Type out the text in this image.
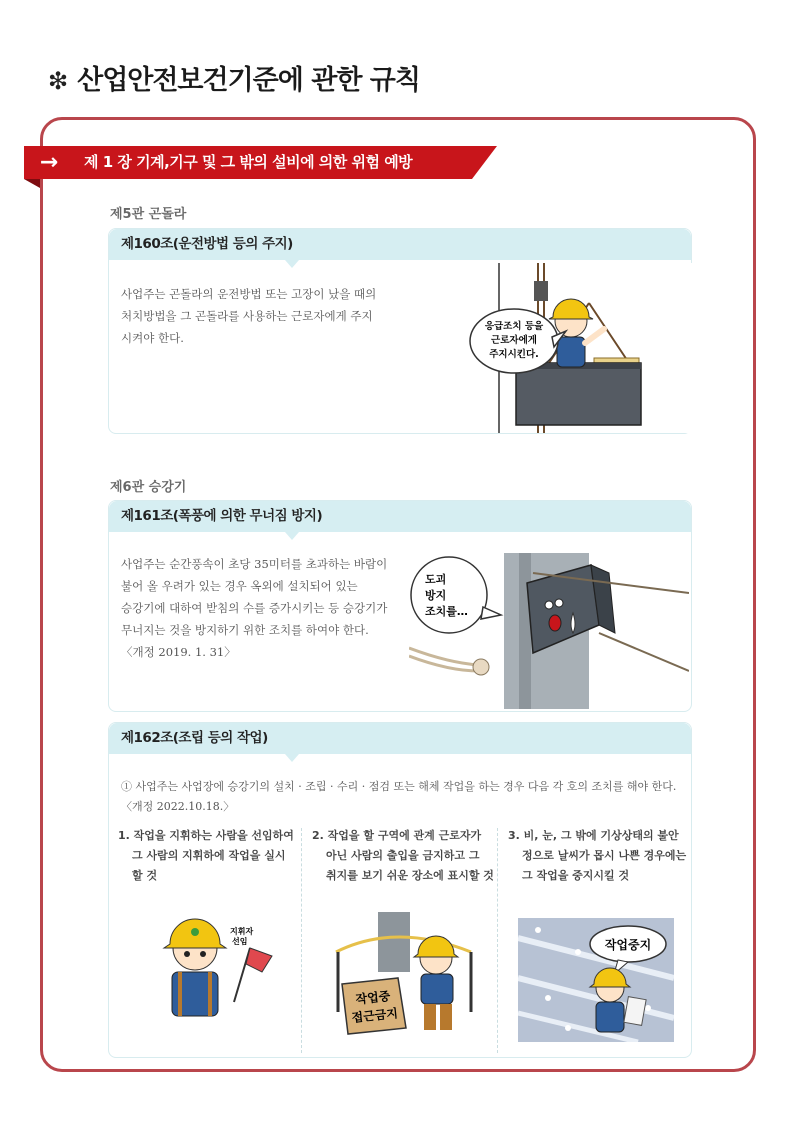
❇ 산업안전보건기준에 관한 규칙
→	제 1 장 기계,기구 및 그 밖의 설비에 의한 위험 예방
제5관 곤돌라
제160조(운전방법 등의 주지)
사업주는 곤돌라의 운전방법 또는 고장이 났을 때의
처치방법을 그 곤돌라를 사용하는 근로자에게 주지
시켜야 한다.
응급조치 등을
근로자에게
주지시킨다.
제6관 승강기
제161조(폭풍에 의한 무너짐 방지)
사업주는 순간풍속이 초당 35미터를 초과하는 바람이
불어 올 우려가 있는 경우 옥외에 설치되어 있는
승강기에 대하여 받침의 수를 증가시키는 등 승강기가
무너지는 것을 방지하기 위한 조치를 하여야 한다.
〈개정 2019. 1. 31〉
도괴
방지
조치를…
제162조(조립 등의 작업)
① 사업주는 사업장에 승강기의 설치 · 조립 · 수리 · 점검 또는 해체 작업을 하는 경우 다음 각 호의 조치를 해야 한다.
〈개정 2022.10.18.〉
1. 작업을 지휘하는 사람을 선임하여
그 사람의 지휘하에 작업을 실시
할 것
지휘자
선임
2. 작업을 할 구역에 관계 근로자가
아닌 사람의 출입을 금지하고 그
취지를 보기 쉬운 장소에 표시할 것
작업중
접근금지
3. 비, 눈, 그 밖에 기상상태의 불안
정으로 날씨가 몹시 나쁜 경우에는
그 작업을 중지시킬 것
작업중지
